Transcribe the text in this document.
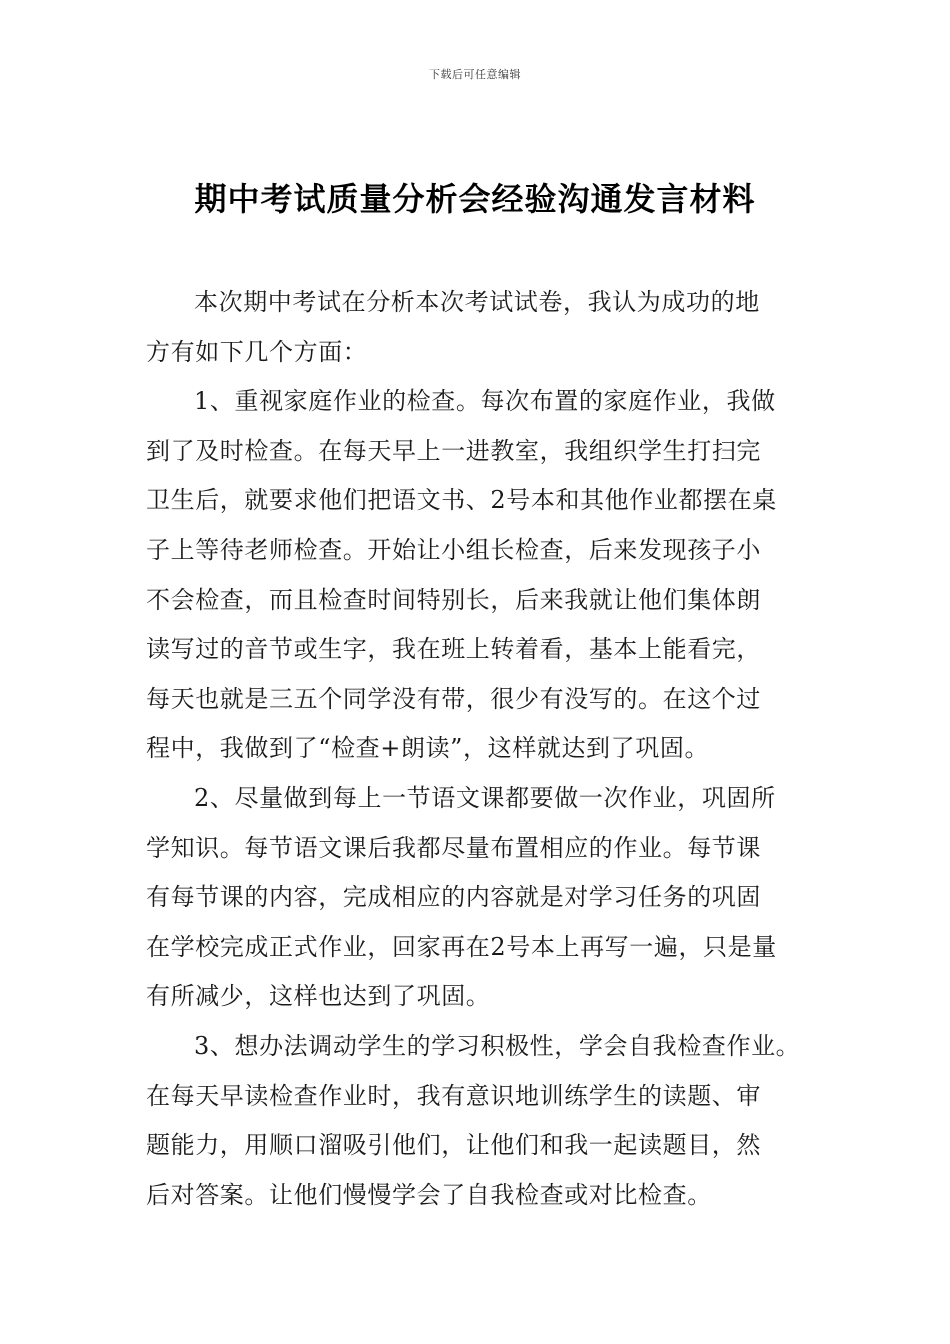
下载后可任意编辑
期中考试质量分析会经验沟通发言材料

本次期中考试在分析本次考试试卷，我认为成功的地
方有如下几个方面：

1、重视家庭作业的检查。每次布置的家庭作业，我做
到了及时检查。在每天早上一进教室，我组织学生打扫完
卫生后，就要求他们把语文书、2号本和其他作业都摆在桌
子上等待老师检查。开始让小组长检查，后来发现孩子小
不会检查，而且检查时间特别长，后来我就让他们集体朗
读写过的音节或生字，我在班上转着看，基本上能看完，
每天也就是三五个同学没有带，很少有没写的。在这个过
程中，我做到了“检查+朗读”，这样就达到了巩固。

2、尽量做到每上一节语文课都要做一次作业，巩固所
学知识。每节语文课后我都尽量布置相应的作业。每节课
有每节课的内容，完成相应的内容就是对学习任务的巩固
在学校完成正式作业，回家再在2号本上再写一遍，只是量
有所减少，这样也达到了巩固。

3、想办法调动学生的学习积极性，学会自我检查作业。
在每天早读检查作业时，我有意识地训练学生的读题、审
题能力，用顺口溜吸引他们，让他们和我一起读题目，然
后对答案。让他们慢慢学会了自我检查或对比检查。
